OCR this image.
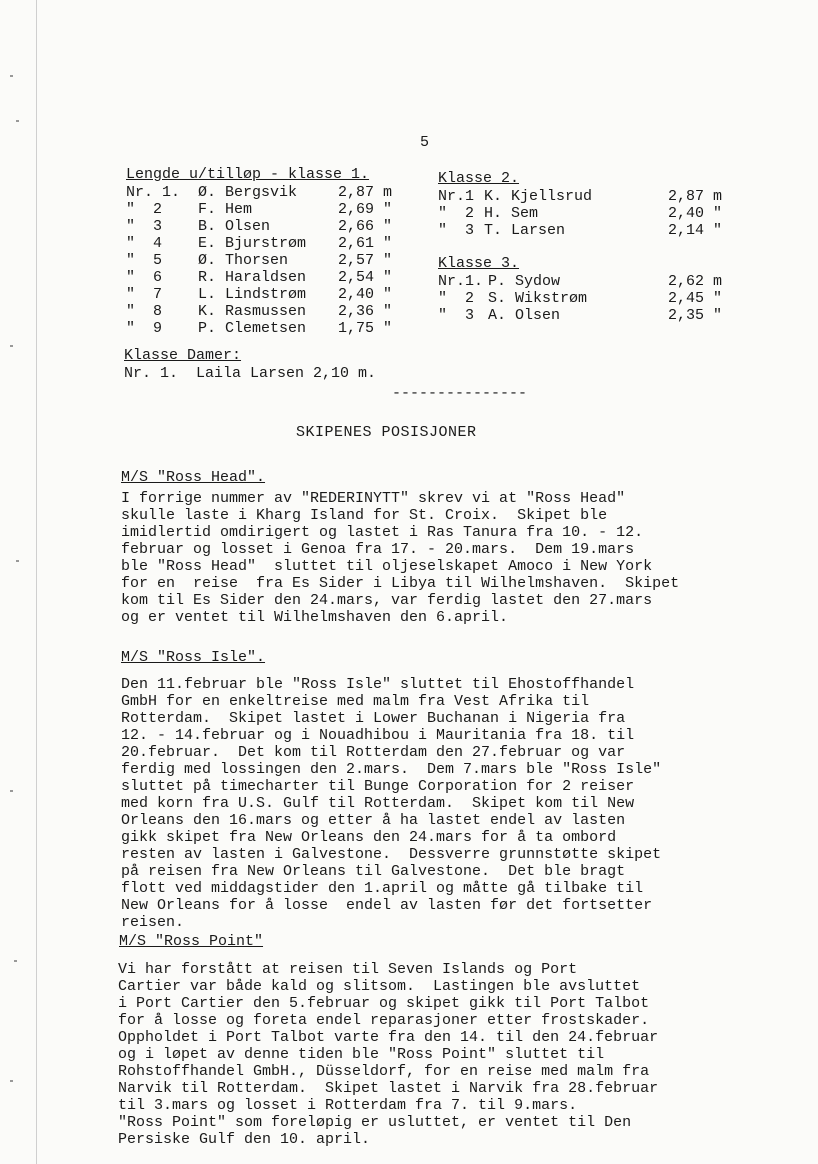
5
Lengde u/tilløp - klasse 1.
Nr. 1. Ø. Bergsvik	2,87 m
"  2 F. Hem	2,69 "
"  3 B. Olsen	2,66 "
"  4 E. Bjurstrøm 2,61 "
"  5 Ø. Thorsen	2,57 "
"  6 R. Haraldsen 2,54 "
"  7 L. Lindstrøm 2,40 "
"  8 K. Rasmussen 2,36 "
"  9 P. Clemetsen 1,75 "
Klasse 2.
Nr.1 K. Kjellsrud	2,87 m
"  2 H. Sem	2,40 "
"  3 T. Larsen	2,14 "
Klasse 3.
Nr.1. P. Sydow	2,62 m
"  2 S. Wikstrøm	2,45 "
"  3 A. Olsen	2,35 "
Klasse Damer:
Nr. 1.  Laila Larsen 2,10 m.
---------------
SKIPENES POSISJONER
M/S "Ross Head".
I forrige nummer av "REDERINYTT" skrev vi at "Ross Head"
skulle laste i Kharg Island for St. Croix.  Skipet ble
imidlertid omdirigert og lastet i Ras Tanura fra 10. - 12.
februar og losset i Genoa fra 17. - 20.mars.  Dem 19.mars
ble "Ross Head"  sluttet til oljeselskapet Amoco i New York
for en  reise  fra Es Sider i Libya til Wilhelmshaven.  Skipet
kom til Es Sider den 24.mars, var ferdig lastet den 27.mars
og er ventet til Wilhelmshaven den 6.april.
M/S "Ross Isle".
Den 11.februar ble "Ross Isle" sluttet til Ehostoffhandel
GmbH for en enkeltreise med malm fra Vest Afrika til
Rotterdam.  Skipet lastet i Lower Buchanan i Nigeria fra
12. - 14.februar og i Nouadhibou i Mauritania fra 18. til
20.februar.  Det kom til Rotterdam den 27.februar og var
ferdig med lossingen den 2.mars.  Dem 7.mars ble "Ross Isle"
sluttet på timecharter til Bunge Corporation for 2 reiser
med korn fra U.S. Gulf til Rotterdam.  Skipet kom til New
Orleans den 16.mars og etter å ha lastet endel av lasten
gikk skipet fra New Orleans den 24.mars for å ta ombord
resten av lasten i Galvestone.  Dessverre grunnstøtte skipet
på reisen fra New Orleans til Galvestone.  Det ble bragt
flott ved middagstider den 1.april og måtte gå tilbake til
New Orleans for å losse  endel av lasten før det fortsetter
reisen.
M/S "Ross Point"
Vi har forstått at reisen til Seven Islands og Port
Cartier var både kald og slitsom.  Lastingen ble avsluttet
i Port Cartier den 5.februar og skipet gikk til Port Talbot
for å losse og foreta endel reparasjoner etter frostskader.
Oppholdet i Port Talbot varte fra den 14. til den 24.februar
og i løpet av denne tiden ble "Ross Point" sluttet til
Rohstoffhandel GmbH., Düsseldorf, for en reise med malm fra
Narvik til Rotterdam.  Skipet lastet i Narvik fra 28.februar
til 3.mars og losset i Rotterdam fra 7. til 9.mars.
"Ross Point" som foreløpig er usluttet, er ventet til Den
Persiske Gulf den 10. april.
